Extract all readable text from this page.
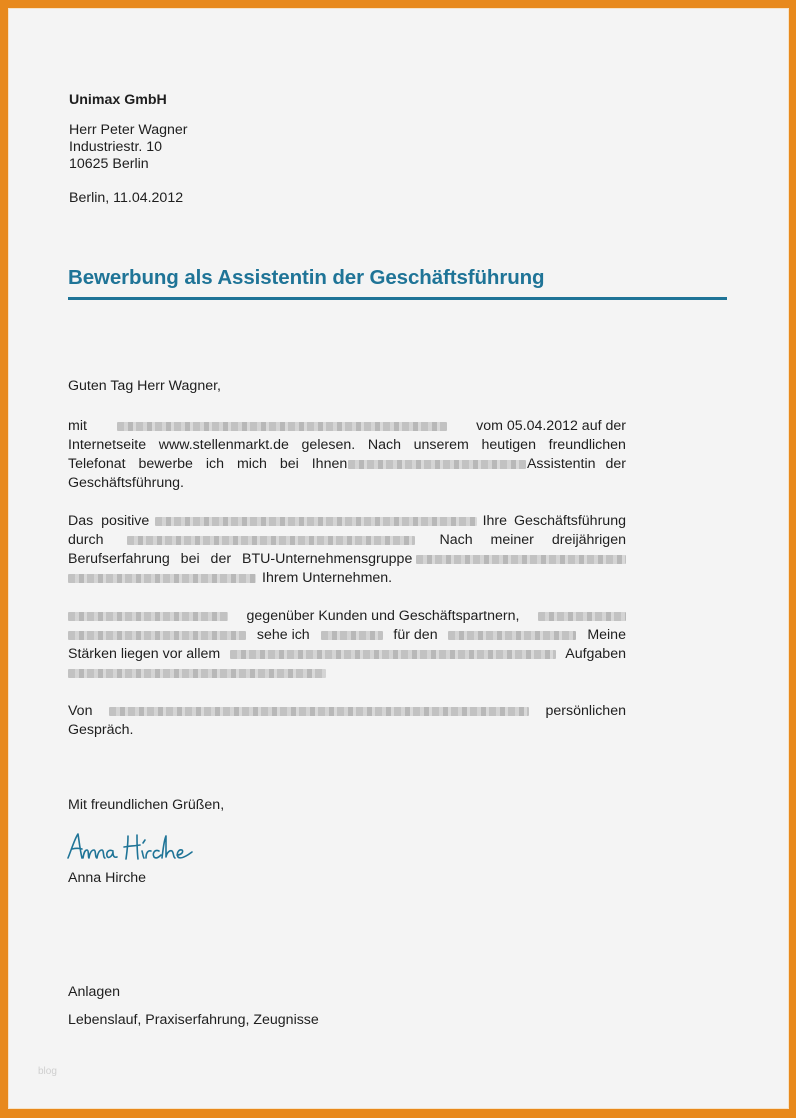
Unimax GmbH
Herr Peter Wagner
Industriestr. 10
10625 Berlin
Berlin, 11.04.2012
Bewerbung als Assistentin der Geschäftsführung
Guten Tag Herr Wagner,
mit	vom 05.04.2012 auf der
Internetseite www.stellenmarkt.de gelesen. Nach unserem heutigen freundlichen
Telefonat bewerbe ich mich bei Ihnen	Assistentin der
Geschäftsführung.
Das positive	Ihre Geschäftsführung
durch	Nach meiner dreijährigen
Berufserfahrung bei der BTU-Unternehmensgruppe
Ihrem Unternehmen.
gegenüber Kunden und Geschäftspartnern,
sehe ich	für den	Meine
Stärken liegen vor allem	Aufgaben
Von	persönlichen
Gespräch.
Mit freundlichen Grüßen,
Anna Hirche
Anlagen
Lebenslauf, Praxiserfahrung, Zeugnisse
blog
